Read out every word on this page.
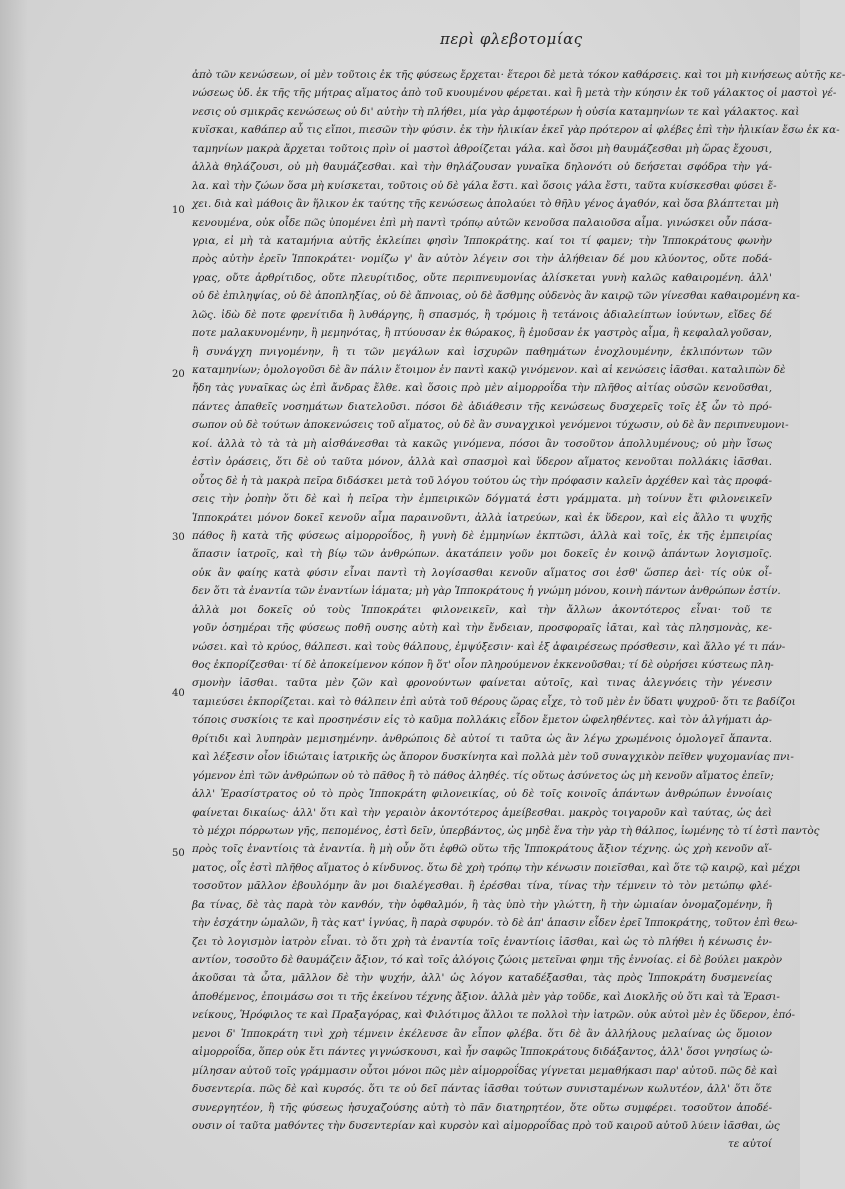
περὶ φλεβοτομίας
10
20
30
40
50
ἀπὸ τῶν κενώσεων, οἱ μὲν τοῦτοις ἐκ τῆς φύσεως ἔρχεται· ἕτεροι δὲ μετὰ τόκον καθάρσεις. καὶ τοι μὴ κινήσεως αὐτῆς κε-
νώσεως ὑδ. ἐκ τῆς τῆς μήτρας αἵματος ἀπὸ τοῦ κυουμένου φέρεται. καὶ ἢ μετὰ τὴν κύησιν ἐκ τοῦ γάλακτος οἱ μαστοὶ γέ-
νεσις οὐ σμικρᾶς κενώσεως οὐ δι' αὐτὴν τὴ πλήθει, μία γὰρ ἀμφοτέρων ἡ οὐσία καταμηνίων τε καὶ γάλακτος. καὶ
κυϊσκαι, καθάπερ αὖ τις εἴποι, πιεσῶν τὴν φύσιν. ἐκ τὴν ἡλικίαν ἐκεῖ γὰρ πρότερον αἱ φλέβες ἐπὶ τὴν ἡλικίαν ἔσω ἐκ κα-
ταμηνίων μακρὰ ἄρχεται τοῦτοις πρὶν οἱ μαστοὶ ἀθροίζεται γάλα. καὶ ὅσοι μὴ θαυμάζεσθαι μὴ ὥρας ἔχουσι,
ἀλλὰ θηλάζουσι, οὐ μὴ θαυμάζεσθαι. καὶ τὴν θηλάζουσαν γυναῖκα δηλονότι οὐ δεήσεται σφόδρα τὴν γά-
λα. καὶ τὴν ζώων ὅσα μὴ κυίσκεται, τοῦτοις οὐ δὲ γάλα ἔστι. καὶ ὅσοις γάλα ἔστι, ταῦτα κυίσκεσθαι φύσει ἔ-
χει. διὰ καὶ μάθοις ἂν ἥλικον ἐκ ταύτης τῆς κενώσεως ἀπολαύει τὸ θῆλυ γένος ἀγαθόν, καὶ ὅσα βλάπτεται μὴ
κενουμένα, οὐκ οἶδε πῶς ὑπομένει ἐπὶ μὴ παντὶ τρόπῳ αὐτῶν κενοῦσα παλαιοῦσα αἷμα. γινώσκει οὖν πάσα-
γρια, εἰ μὴ τὰ καταμήνια αὐτῆς ἐκλείπει φησὶν Ἱπποκράτης. καί τοι τί φαμεν; τὴν Ἱπποκράτους φωνὴν
πρὸς αὐτὴν ἐρεῖν Ἱπποκράτει· νομίζω γ' ἂν αὐτὸν λέγειν σοι τὴν ἀλήθειαν δέ μου κλύοντος, οὔτε ποδά-
γρας, οὔτε ἀρθρίτιδος, οὔτε πλευρίτιδος, οὔτε περιπνευμονίας ἁλίσκεται γυνὴ καλῶς καθαιρομένη. ἀλλ'
οὐ δὲ ἐπιληψίας, οὐ δὲ ἀποπληξίας, οὐ δὲ ἄπνοιας, οὐ δὲ ἄσθμης οὐδενὸς ἂν καιρῷ τῶν γίνεσθαι καθαιρομένη κα-
λῶς. ἰδὼ δὲ ποτε φρενίτιδα ἢ λυθάργης, ἢ σπασμός, ἢ τρόμοις ἢ τετάνοις ἀδιαλείπτων ἰούντων, εἴδες δέ
ποτε μαλακυνομένην, ἢ μεμηνότας, ἢ πτύουσαν ἐκ θώρακος, ἢ ἐμοῦσαν ἐκ γαστρὸς αἷμα, ἢ κεφαλαλγοῦσαν,
ἢ συνάγχη πνιγομένην, ἢ τι τῶν μεγάλων καὶ ἰσχυρῶν παθημάτων ἐνοχλουμένην, ἐκλιπόντων τῶν
καταμηνίων; ὁμολογοῦσι δὲ ἂν πάλιν ἕτοιμον ἐν παντὶ κακῷ γινόμενον. καὶ αἱ κενώσεις ἰᾶσθαι. καταλιπὼν δὲ
ἤδη τὰς γυναῖκας ὡς ἐπὶ ἄνδρας ἔλθε. καὶ ὅσοις πρὸ μὲν αἱμορροΐδα τὴν πλῆθος αἰτίας οὐσῶν κενοῦσθαι,
πάντες ἀπαθεῖς νοσημάτων διατελοῦσι. πόσοι δὲ ἀδιάθεσιν τῆς κενώσεως δυσχερεῖς τοῖς ἐξ ὧν τὸ πρό-
σωπον οὐ δὲ τούτων ἀποκενώσεις τοῦ αἵματος, οὐ δὲ ἂν συναγχικοὶ γενόμενοι τύχωσιν, οὐ δὲ ἂν περιπνευμονι-
κοί. ἀλλὰ τὸ τὰ τὰ μὴ αἰσθάνεσθαι τὰ κακῶς γινόμενα, πόσοι ἂν τοσοῦτον ἀπολλυμένους; οὐ μὴν ἴσως
ἐστὶν ὁράσεις, ὅτι δὲ οὐ ταῦτα μόνον, ἀλλὰ καὶ σπασμοὶ καὶ ὕδερον αἵματος κενοῦται πολλάκις ἰᾶσθαι.
οὗτος δὲ ἡ τὰ μακρὰ πεῖρα διδάσκει μετὰ τοῦ λόγου τούτου ὡς τὴν πρόφασιν καλεῖν ἀρχέθεν καὶ τὰς προφά-
σεις τὴν ῥοπὴν ὅτι δὲ καὶ ἡ πεῖρα τὴν ἐμπειρικῶν δόγματά ἐστι γράμματα. μὴ τοίνυν ἔτι φιλονεικεῖν
Ἱπποκράτει μόνον δοκεῖ κενοῦν αἷμα παραινοῦντι, ἀλλὰ ἰατρεύων, καὶ ἐκ ὕδερον, καὶ εἰς ἄλλο τι ψυχῆς
πάθος ἢ κατὰ τῆς φύσεως αἱμορροΐδος, ἢ γυνὴ δὲ ἐμμηνίων ἐκπτῶσι, ἀλλὰ καὶ τοῖς, ἐκ τῆς ἐμπειρίας
ἅπασιν ἰατροῖς, καὶ τὴ βίῳ τῶν ἀνθρώπων. ἀκατάπειν γοῦν μοι δοκεῖς ἐν κοινῷ ἀπάντων λογισμοῖς.
οὐκ ἂν φαίης κατὰ φύσιν εἶναι παντὶ τὴ λογίσασθαι κενοῦν αἵματος σοι ἐσθ' ὥσπερ ἀεὶ· τίς οὐκ οἶ-
δεν ὅτι τὰ ἐναντία τῶν ἐναντίων ἰάματα; μὴ γὰρ Ἱπποκράτους ἡ γνώμη μόνου, κοινὴ πάντων ἀνθρώπων ἐστίν.
ἀλλὰ μοι δοκεῖς οὐ τοὺς Ἱπποκράτει φιλονεικεῖν, καὶ τὴν ἄλλων ἀκοντότερος εἶναι· τοῦ τε
γοῦν ὁσημέραι τῆς φύσεως ποθῆ ουσης αὐτὴ καὶ τὴν ἔνδειαν, προσφοραῖς ἰᾶται, καὶ τὰς πλησμονὰς, κε-
νώσει. καὶ τὸ κρύος, θάλπεσι. καὶ τοὺς θάλπους, ἐμψύξεσιν· καὶ ἐξ ἀφαιρέσεως πρόσθεσιν, καὶ ἄλλο γέ τι πάν-
θος ἐκπορίζεσθαι· τί δὲ ἀποκείμενον κόπον ἢ ὅτ' οἷον πληρούμενον ἐκκενοῦσθαι; τί δὲ οὐρήσει κύστεως πλη-
σμονὴν ἰᾶσθαι. ταῦτα μὲν ζῶν καὶ φρονούντων φαίνεται αὐτοῖς, καὶ τινας ἀλεγνόεις τὴν γένεσιν
ταμιεύσει ἐκπορίζεται. καὶ τὸ θάλπειν ἐπὶ αὐτὰ τοῦ θέρους ὥρας εἶχε, τὸ τοῦ μὲν ἐν ὕδατι ψυχροῦ· ὅτι τε βαδίζοι
τόποις συσκίοις τε καὶ προσηνέσιν εἰς τὸ καῦμα πολλάκις εἶδον ἔμετον ὠφεληθέντες. καὶ τὸν ἀλγήματι ἀρ-
θρίτιδι καὶ λυπηρὰν μεμισημένην. ἀνθρώποις δὲ αὐτοί τι ταῦτα ὡς ἂν λέγω χρωμένοις ὁμολογεῖ ἅπαντα.
καὶ λέξεσιν οἶον ἰδιώταις ἰατρικῆς ὡς ἄπορον δυσκίνητα καὶ πολλὰ μὲν τοῦ συναγχικὸν πεῖθεν ψυχομανίας πνι-
γόμενον ἐπὶ τῶν ἀνθρώπων οὐ τὸ πᾶθος ἢ τὸ πάθος ἀληθές. τίς οὕτως ἀσύνετος ὡς μὴ κενοῦν αἵματος ἐπεῖν;
ἀλλ' Ἐρασίστρατος οὐ τὸ πρὸς Ἱπποκράτη φιλονεικίας, οὐ δὲ τοῖς κοινοῖς ἁπάντων ἀνθρώπων ἐννοίαις
φαίνεται δικαίως· ἀλλ' ὅτι καὶ τὴν γεραιὸν ἀκοντότερος ἀμείβεσθαι. μακρὸς τοιγαροῦν καὶ ταύτας, ὡς ἀεὶ
τὸ μέχρι πόρρωτων γῆς, πεπομένος, ἐστὶ δεῖν, ὑπερβάντος, ὡς μηδὲ ἕνα τὴν γὰρ τὴ θάλπος, ἰωμένης τὸ τί ἐστὶ παντὸς
πρὸς τοῖς ἐναντίοις τὰ ἐναντία. ἢ μὴ οὖν ὅτι ἐφθῶ οὕτω τῆς Ἱπποκράτους ἄξιον τέχνης. ὡς χρὴ κενοῦν αἵ-
ματος, οἷς ἐστὶ πλῆθος αἵματος ὁ κίνδυνος. ὅτω δὲ χρὴ τρόπῳ τὴν κένωσιν ποιεῖσθαι, καὶ ὅτε τῷ καιρῷ, καὶ μέχρι
τοσοῦτον μᾶλλον ἐβουλόμην ἂν μοι διαλέγεσθαι. ἢ ἐρέσθαι τίνα, τίνας τὴν τέμνειν τὸ τὸν μετώπῳ φλέ-
βα τίνας, δὲ τὰς παρὰ τὸν κανθόν, τὴν ὀφθαλμόν, ἢ τὰς ὑπὸ τὴν γλώττη, ἢ τὴν ὠμιαίαν ὀνομαζομένην, ἢ
τὴν ἐσχάτην ὠμαλῶν, ἢ τὰς κατ' ἰγνύας, ἢ παρὰ σφυρόν. τὸ δὲ ἀπ' ἁπασιν εἶδεν ἐρεῖ Ἱπποκράτης, τοῦτον ἐπὶ θεω-
ζει τὸ λογισμὸν ἰατρὸν εἶναι. τὸ ὅτι χρὴ τὰ ἐναντία τοῖς ἐναντίοις ἰᾶσθαι, καὶ ὡς τὸ πλήθει ἡ κένωσις ἐν-
αντίον, τοσοῦτο δὲ θαυμάζειν ἄξιον, τό καὶ τοῖς ἀλόγοις ζώοις μετεῖναι φημι τῆς ἐννοίας. εἰ δὲ βούλει μακρὸν
ἀκοῦσαι τὰ ὦτα, μᾶλλον δὲ τὴν ψυχήν, ἀλλ' ὡς λόγον καταδέξασθαι, τὰς πρὸς Ἱπποκράτη δυσμενείας
ἀποθέμενος, ἐποιμάσω σοι τι τῆς ἐκείνου τέχνης ἄξιον. ἀλλὰ μὲν γὰρ τοῦδε, καὶ Διοκλῆς οὐ ὅτι καὶ τὰ Ἐρασι-
νείκους, Ἡρόφιλος τε καὶ Πραξαγόρας, καὶ Φιλότιμος ἄλλοι τε πολλοὶ τὴν ἰατρῶν. οὐκ αὐτοὶ μὲν ἐς ὕδερον, ἐπό-
μενοι δ' Ἱπποκράτη τινὶ χρὴ τέμνειν ἐκέλευσε ἂν εἶπον φλέβα. ὅτι δὲ ἂν ἀλλήλους μελαίνας ὡς ὅμοιον
αἱμορροΐδα, ὅπερ οὐκ ἔτι πάντες γιγνώσκουσι, καὶ ἦν σαφῶς Ἱπποκράτους διδάξαντος, ἀλλ' ὅσοι γνησίως ὡ-
μίλησαν αὐτοῦ τοῖς γράμμασιν οὗτοι μόνοι πῶς μὲν αἱμορροΐδας γίγνεται μεμαθήκασι παρ' αὐτοῦ. πῶς δὲ καὶ
δυσεντερία. πῶς δὲ καὶ κυρσός. ὅτι τε οὐ δεῖ πάντας ἰᾶσθαι τούτων συνισταμένων κωλυτέον, ἀλλ' ὅτι ὅτε
συνεργητέον, ἢ τῆς φύσεως ἡσυχαζούσης αὐτὴ τὸ πᾶν διατηρητέον, ὅτε οὕτω συμφέρει. τοσοῦτον ἀποδέ-
ουσιν οἱ ταῦτα μαθόντες τὴν δυσεντερίαν καὶ κυρσὸν καὶ αἱμορροΐδας πρὸ τοῦ καιροῦ αὐτοῦ λύειν ἰᾶσθαι, ὡς
τε αὐτοί
